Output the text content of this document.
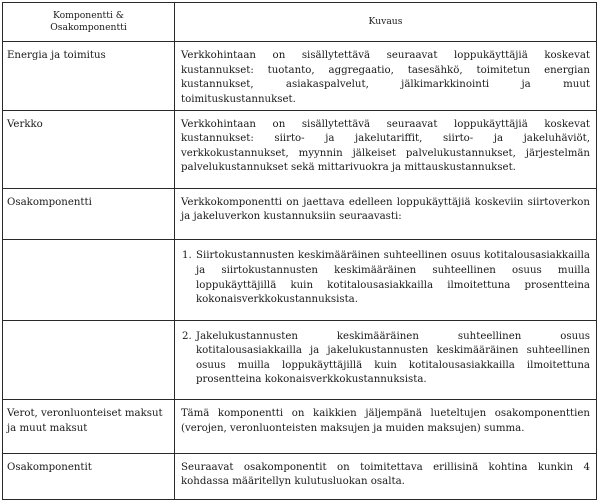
Komponentti &
Osakomponentti	Kuvaus
Energia ja toimitus	Verkkohintaan on sisällytettävä seuraavat loppukäyttäjiä koskevat kustannukset: tuotanto, aggregaatio, tasesähkö, toimitetun energian kustannukset, asiakaspalvelut, jälkimarkkinointi ja muut toimituskustannukset.
Verkko	Verkkohintaan on sisällytettävä seuraavat loppukäyttäjiä koskevat kustannukset: siirto- ja jakelutariffit, siirto- ja jakeluhäviöt, verkkokustannukset, myynnin jälkeiset palvelukustannukset, järjestelmän palvelukustannukset sekä mittarivuokra ja mittauskustannukset.
Osakomponentti	Verkkokomponentti on jaettava edelleen loppukäyttäjiä koskeviin siirtoverkon ja jakeluverkon kustannuksiin seuraavasti:

	1. Siirtokustannusten keskimääräinen suhteellinen osuus kotitalousasiakkailla ja siirtokustannusten keskimääräinen suhteellinen osuus muilla loppukäyttäjillä kuin kotitalousasiakkailla ilmoitettuna prosentteina kokonaisverkkokustannuksista.

	2. Jakelukustannusten keskimääräinen suhteellinen osuus kotitalousasiakkailla ja jakelukustannusten keskimääräinen suhteellinen osuus muilla loppukäyttäjillä kuin kotitalousasiakkailla ilmoitettuna prosentteina kokonaisverkkokustannuksista.

Verot, veronluonteiset maksut ja muut maksut	Tämä komponentti on kaikkien jäljempänä lueteltujen osakomponenttien (verojen, veronluonteisten maksujen ja muiden maksujen) summa.
Osakomponentit	Seuraavat osakomponentit on toimitettava erillisinä kohtina kunkin 4 kohdassa määritellyn kulutusluokan osalta.
